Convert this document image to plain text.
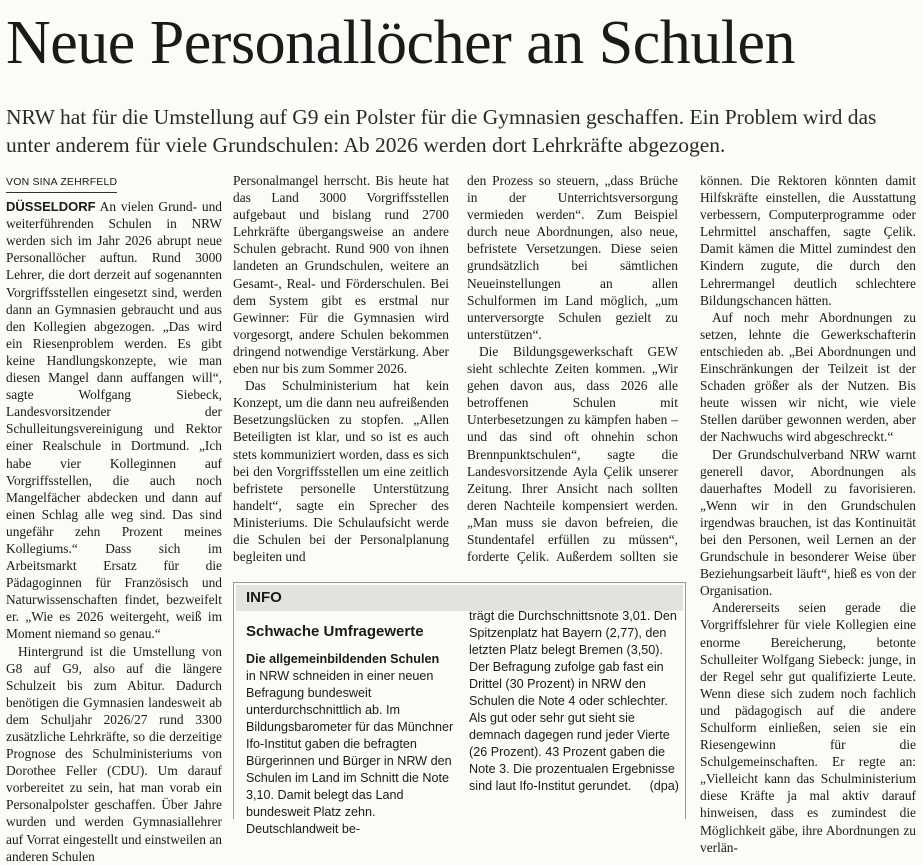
Neue Personallöcher an Schulen

NRW hat für die Umstellung auf G9 ein Polster für die Gymnasien geschaffen. Ein Problem wird das unter anderem für viele Grundschulen: Ab 2026 werden dort Lehrkräfte abgezogen.

VON SINA ZEHRFELD

DÜSSELDORF An vielen Grund- und weiterführenden Schulen in NRW werden sich im Jahr 2026 abrupt neue Personallöcher auftun. Rund 3000 Lehrer, die dort derzeit auf sogenannten Vorgriffsstellen eingesetzt sind, werden dann an Gymnasien gebraucht und aus den Kollegien abgezogen. „Das wird ein Riesenproblem werden. Es gibt keine Handlungskonzepte, wie man diesen Mangel dann auffangen will“, sagte Wolfgang Siebeck, Landesvorsitzender der Schulleitungsvereinigung und Rektor einer Realschule in Dortmund. „Ich habe vier Kolleginnen auf Vorgriffsstellen, die auch noch Mangelfächer abdecken und dann auf einen Schlag alle weg sind. Das sind ungefähr zehn Prozent meines Kollegiums.“ Dass sich im Arbeitsmarkt Ersatz für die Pädagoginnen für Französisch und Naturwissenschaften findet, bezweifelt er. „Wie es 2026 weitergeht, weiß im Moment niemand so genau.“

Hintergrund ist die Umstellung von G8 auf G9, also auf die längere Schulzeit bis zum Abitur. Dadurch benötigen die Gymnasien landesweit ab dem Schuljahr 2026/27 rund 3300 zusätzliche Lehrkräfte, so die derzeitige Prognose des Schulministeriums von Dorothee Feller (CDU). Um darauf vorbereitet zu sein, hat man vorab ein Personalpolster geschaffen. Über Jahre wurden und werden Gymnasiallehrer auf Vorrat eingestellt und einstweilen an anderen Schulen

Personalmangel herrscht. Bis heute hat das Land 3000 Vorgriffsstellen aufgebaut und bislang rund 2700 Lehrkräfte übergangsweise an andere Schulen gebracht. Rund 900 von ihnen landeten an Grundschulen, weitere an Gesamt-, Real- und Förderschulen. Bei dem System gibt es erstmal nur Gewinner: Für die Gymnasien wird vorgesorgt, andere Schulen bekommen dringend notwendige Verstärkung. Aber eben nur bis zum Sommer 2026.

Das Schulministerium hat kein Konzept, um die dann neu aufreißenden Besetzungslücken zu stopfen. „Allen Beteiligten ist klar, und so ist es auch stets kommuniziert worden, dass es sich bei den Vorgriffsstellen um eine zeitlich befristete personelle Unterstützung handelt“, sagte ein Sprecher des Ministeriums. Die Schulaufsicht werde die Schulen bei der Personalplanung begleiten und

den Prozess so steuern, „dass Brüche in der Unterrichtsversorgung vermieden werden“. Zum Beispiel durch neue Abordnungen, also neue, befristete Versetzungen. Diese seien grundsätzlich bei sämtlichen Neueinstellungen an allen Schulformen im Land möglich, „um unterversorgte Schulen gezielt zu unterstützen“.

Die Bildungsgewerkschaft GEW sieht schlechte Zeiten kommen. „Wir gehen davon aus, dass 2026 alle betroffenen Schulen mit Unterbesetzungen zu kämpfen haben – und das sind oft ohnehin schon Brennpunktschulen“, sagte die Landesvorsitzende Ayla Çelik unserer Zeitung. Ihrer Ansicht nach sollten deren Nachteile kompensiert werden. „Man muss sie davon befreien, die Stundentafel erfüllen zu müssen“, forderte Çelik. Außerdem sollten sie

können. Die Rektoren könnten damit Hilfskräfte einstellen, die Ausstattung verbessern, Computerprogramme oder Lehrmittel anschaffen, sagte Çelik. Damit kämen die Mittel zumindest den Kindern zugute, die durch den Lehrermangel deutlich schlechtere Bildungschancen hätten.

Auf noch mehr Abordnungen zu setzen, lehnte die Gewerkschafterin entschieden ab. „Bei Abordnungen und Einschränkungen der Teilzeit ist der Schaden größer als der Nutzen. Bis heute wissen wir nicht, wie viele Stellen darüber gewonnen werden, aber der Nachwuchs wird abgeschreckt.“

Der Grundschulverband NRW warnt generell davor, Abordnungen als dauerhaftes Modell zu favorisieren. „Wenn wir in den Grundschulen irgendwas brauchen, ist das Kontinuität bei den Personen, weil Lernen an der Grundschule in besonderer Weise über Beziehungsarbeit läuft“, hieß es von der Organisation.

Andererseits seien gerade die Vorgriffslehrer für viele Kollegien eine enorme Bereicherung, betonte Schulleiter Wolfgang Siebeck: junge, in der Regel sehr gut qualifizierte Leute. Wenn diese sich zudem noch fachlich und pädagogisch auf die andere Schulform einließen, seien sie ein Riesengewinn für die Schulgemeinschaften. Er regte an: „Vielleicht kann das Schulministerium diese Kräfte ja mal aktiv darauf hinweisen, dass es zumindest die Möglichkeit gäbe, ihre Abordnungen zu verlän-

INFO
Schwache Umfragewerte
Die allgemeinbildenden Schulen
in NRW schneiden in einer neuen Befragung bundesweit unterdurchschnittlich ab. Im Bildungsbarometer für das Münchner Ifo-Institut gaben die befragten Bürgerinnen und Bürger in NRW den Schulen im Land im Schnitt die Note 3,10. Damit belegt das Land bundesweit Platz zehn. Deutschlandweit be-
trägt die Durchschnittsnote 3,01. Den Spitzenplatz hat Bayern (2,77), den letzten Platz belegt Bremen (3,50). Der Befragung zufolge gab fast ein Drittel (30 Prozent) in NRW den Schulen die Note 4 oder schlechter. Als gut oder sehr gut sieht sie demnach dagegen rund jeder Vierte (26 Prozent). 43 Prozent gaben die Note 3. Die prozentualen Ergebnisse sind laut Ifo-Institut gerundet. (dpa)
